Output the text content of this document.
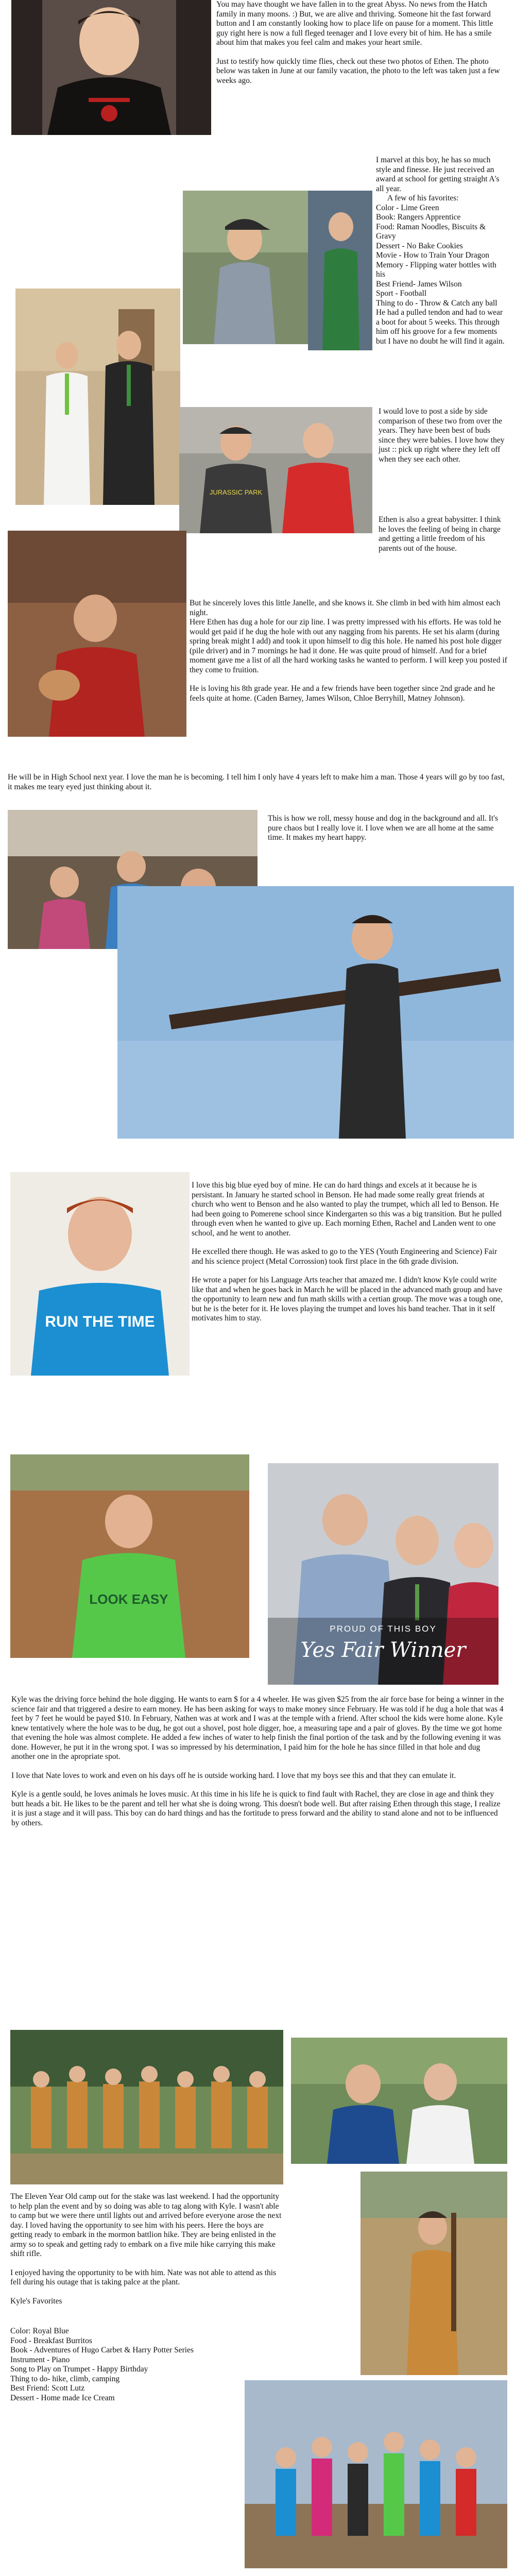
You may have thought we have fallen in to the great Abyss. No news from the Hatch family in many moons. :) But, we are alive and thriving. Someone hit the fast forward button and I am constantly looking how to place life on pause for a moment. This little guy right here is now a full fleged teenager and I love every bit of him. He has a smile about him that makes you feel calm and makes your heart smile.

Just to testify how quickly time flies, check out these two photos of Ethen. The photo below was taken in June at our family vacation, the photo to the left was taken just a few weeks ago.

I marvel at this boy, he has so much style and finesse. He just received an award at school for getting straight A's all year.

A few of his favorites:
Color - Lime Green
Book: Rangers Apprentice
Food: Raman Noodles, Biscuits & Gravy
Dessert - No Bake Cookies
Movie - How to Train Your Dragon
Memory - Flipping water bottles with his
Best Friend- James Wilson
Sport - Football
Thing to do - Throw & Catch any ball
He had a pulled tendon and had to wear a boot for about 5 weeks. This through him off his groove for a few moments but I have no doubt he will find it again.
JURASSIC PARK

I would love to post a side by side comparison of these two from over the years. They have been best of buds since they were babies. I love how they just :: pick up right where they left off when they see each other.

Ethen is also a great babysitter. I think he loves the feeling of being in charge and getting a little freedom of his parents out of the house.

But he sincerely loves this little Janelle, and she knows it. She climb in bed with him almost each night.

Here Ethen has dug a hole for our zip line. I was pretty impressed with his efforts. He was told he would get paid if he dug the hole with out any nagging from his parents. He set his alarm (during spring break might I add) and took it upon himself to dig this hole. He named his post hole digger (pile driver) and in 7 mornings he had it done. He was quite proud of himself. And for a brief moment gave me a list of all the hard working tasks he wanted to perform. I will keep you posted if they come to fruition.

He is loving his 8th grade year. He and a few friends have been together since 2nd grade and he feels quite at home. (Caden Barney, James Wilson, Chloe Berryhill, Matney Johnson).

He will be in High School next year. I love the man he is becoming. I tell him I only have 4 years left to make him a man. Those 4 years will go by too fast, it makes me teary eyed just thinking about it.

This is how we roll, messy house and dog in the background and all. It's pure chaos but I really love it. I love when we are all home at the same time. It makes my heart happy.

RUN THE TIME

I love this big blue eyed boy of mine. He can do hard things and excels at it because he is persistant. In January he started school in Benson. He had made some really great friends at church who went to Benson and he also wanted to play the trumpet, which all led to Benson. He had been going to Pomerene school since Kindergarten so this was a big transition. But he pulled through even when he wanted to give up. Each morning Ethen, Rachel and Landen went to one school, and he went to another.

He excelled there though. He was asked to go to the YES (Youth Engineering and Science) Fair and his science project (Metal Corrossion) took first place in the 6th grade division.

He wrote a paper for his Language Arts teacher that amazed me. I didn't know Kyle could write like that and when he goes back in March he will be placed in the advanced math group and have the opportunity to learn new and fun math skills with a certian group. The move was a tough one, but he is the beter for it. He loves playing the trumpet and loves his band teacher. That in it self motivates him to stay.

LOOK EASY
PROUD OF THIS BOY
Yes Fair Winner

Kyle was the driving force behind the hole digging. He wants to earn $ for a 4 wheeler. He was given $25 from the air force base for being a winner in the science fair and that triggered a desire to earn money. He has been asking for ways to make money since February. He was told if he dug a hole that was 4 feet by 7 feet he would be payed $10. In February, Nathen was at work and I was at the temple with a friend. After school the kids were home alone. Kyle knew tentatively where the hole was to be dug, he got out a shovel, post hole digger, hoe, a measuring tape and a pair of gloves. By the time we got home that evening the hole was almost complete. He added a few inches of water to help finish the final portion of the task and by the following evening it was done. However, he put it in the wrong spot. I was so impressed by his determination, I paid him for the hole he has since filled in that hole and dug another one in the apropriate spot.

I love that Nate loves to work and even on his days off he is outside working hard. I love that my boys see this and that they can emulate it.

Kyle is a gentle sould, he loves animals he loves music. At this time in his life he is quick to find fault with Rachel, they are close in age and think they butt heads a bit. He likes to be the parent and tell her what she is doing wrong. This doesn't bode well. But after raising Ethen through this stage, I realize it is just a stage and it will pass. This boy can do hard things and has the fortitude to press forward and the ability to stand alone and not to be influenced by others.

The Eleven Year Old camp out for the stake was last weekend. I had the opportunity to help plan the event and by so doing was able to tag along with Kyle. I wasn't able to camp but we were there until lights out and arrived before everyone arose the next day. I loved having the opportunity to see him with his peers. Here the boys are getting ready to embark in the mormon battlion hike. They are being enlisted in the army so to speak and getting rady to embark on a five mile hike carrying this make shift rifle.

I enjoyed having the opportunity to be with him. Nate was not able to attend as this fell during his outage that is taking palce at the plant.

Kyle's Favorites

Color: Royal Blue
Food - Breakfast Burritos
Book - Adventures of Hugo Carbet & Harry Potter Series
Instrument - Piano
Song to Play on Trumpet - Happy Birthday
Thing to do- hike, climb, camping
Best Friend: Scott Lutz
Dessert - Home made Ice Cream
